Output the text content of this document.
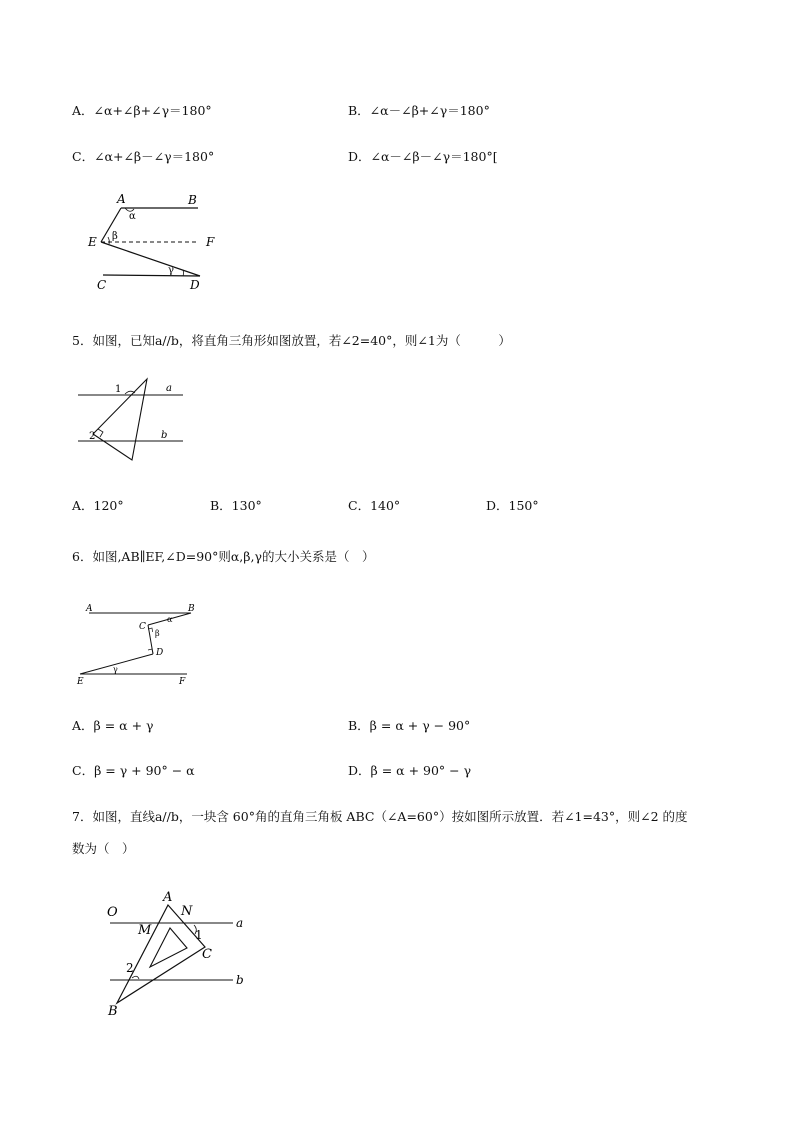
A．∠α+∠β+∠γ＝180°	B．∠α－∠β+∠γ＝180°
C．∠α+∠β－∠γ＝180°	D．∠α－∠β－∠γ＝180°[
A	B
E	F
C	D
α
β
γ
5．如图，已知a//b，将直角三角形如图放置，若∠2=40°，则∠1为（　　　）
1
2
a
b
A．120°	B．130°	C．140°	D．150°
6．如图,AB∥EF,∠D=90°则α,β,γ的大小关系是（　）
A	B
C
D
E	F
α
β
γ
A．β = α + γ	B．β = α + γ − 90°
C．β = γ + 90° − α	D．β = α + 90° − γ
7．如图，直线a//b，一块含 60°角的直角三角板 ABC（∠A=60°）按如图所示放置．若∠1=43°，则∠2 的度
数为（　）
O
A
N
M	1
a
C
2
b
B
